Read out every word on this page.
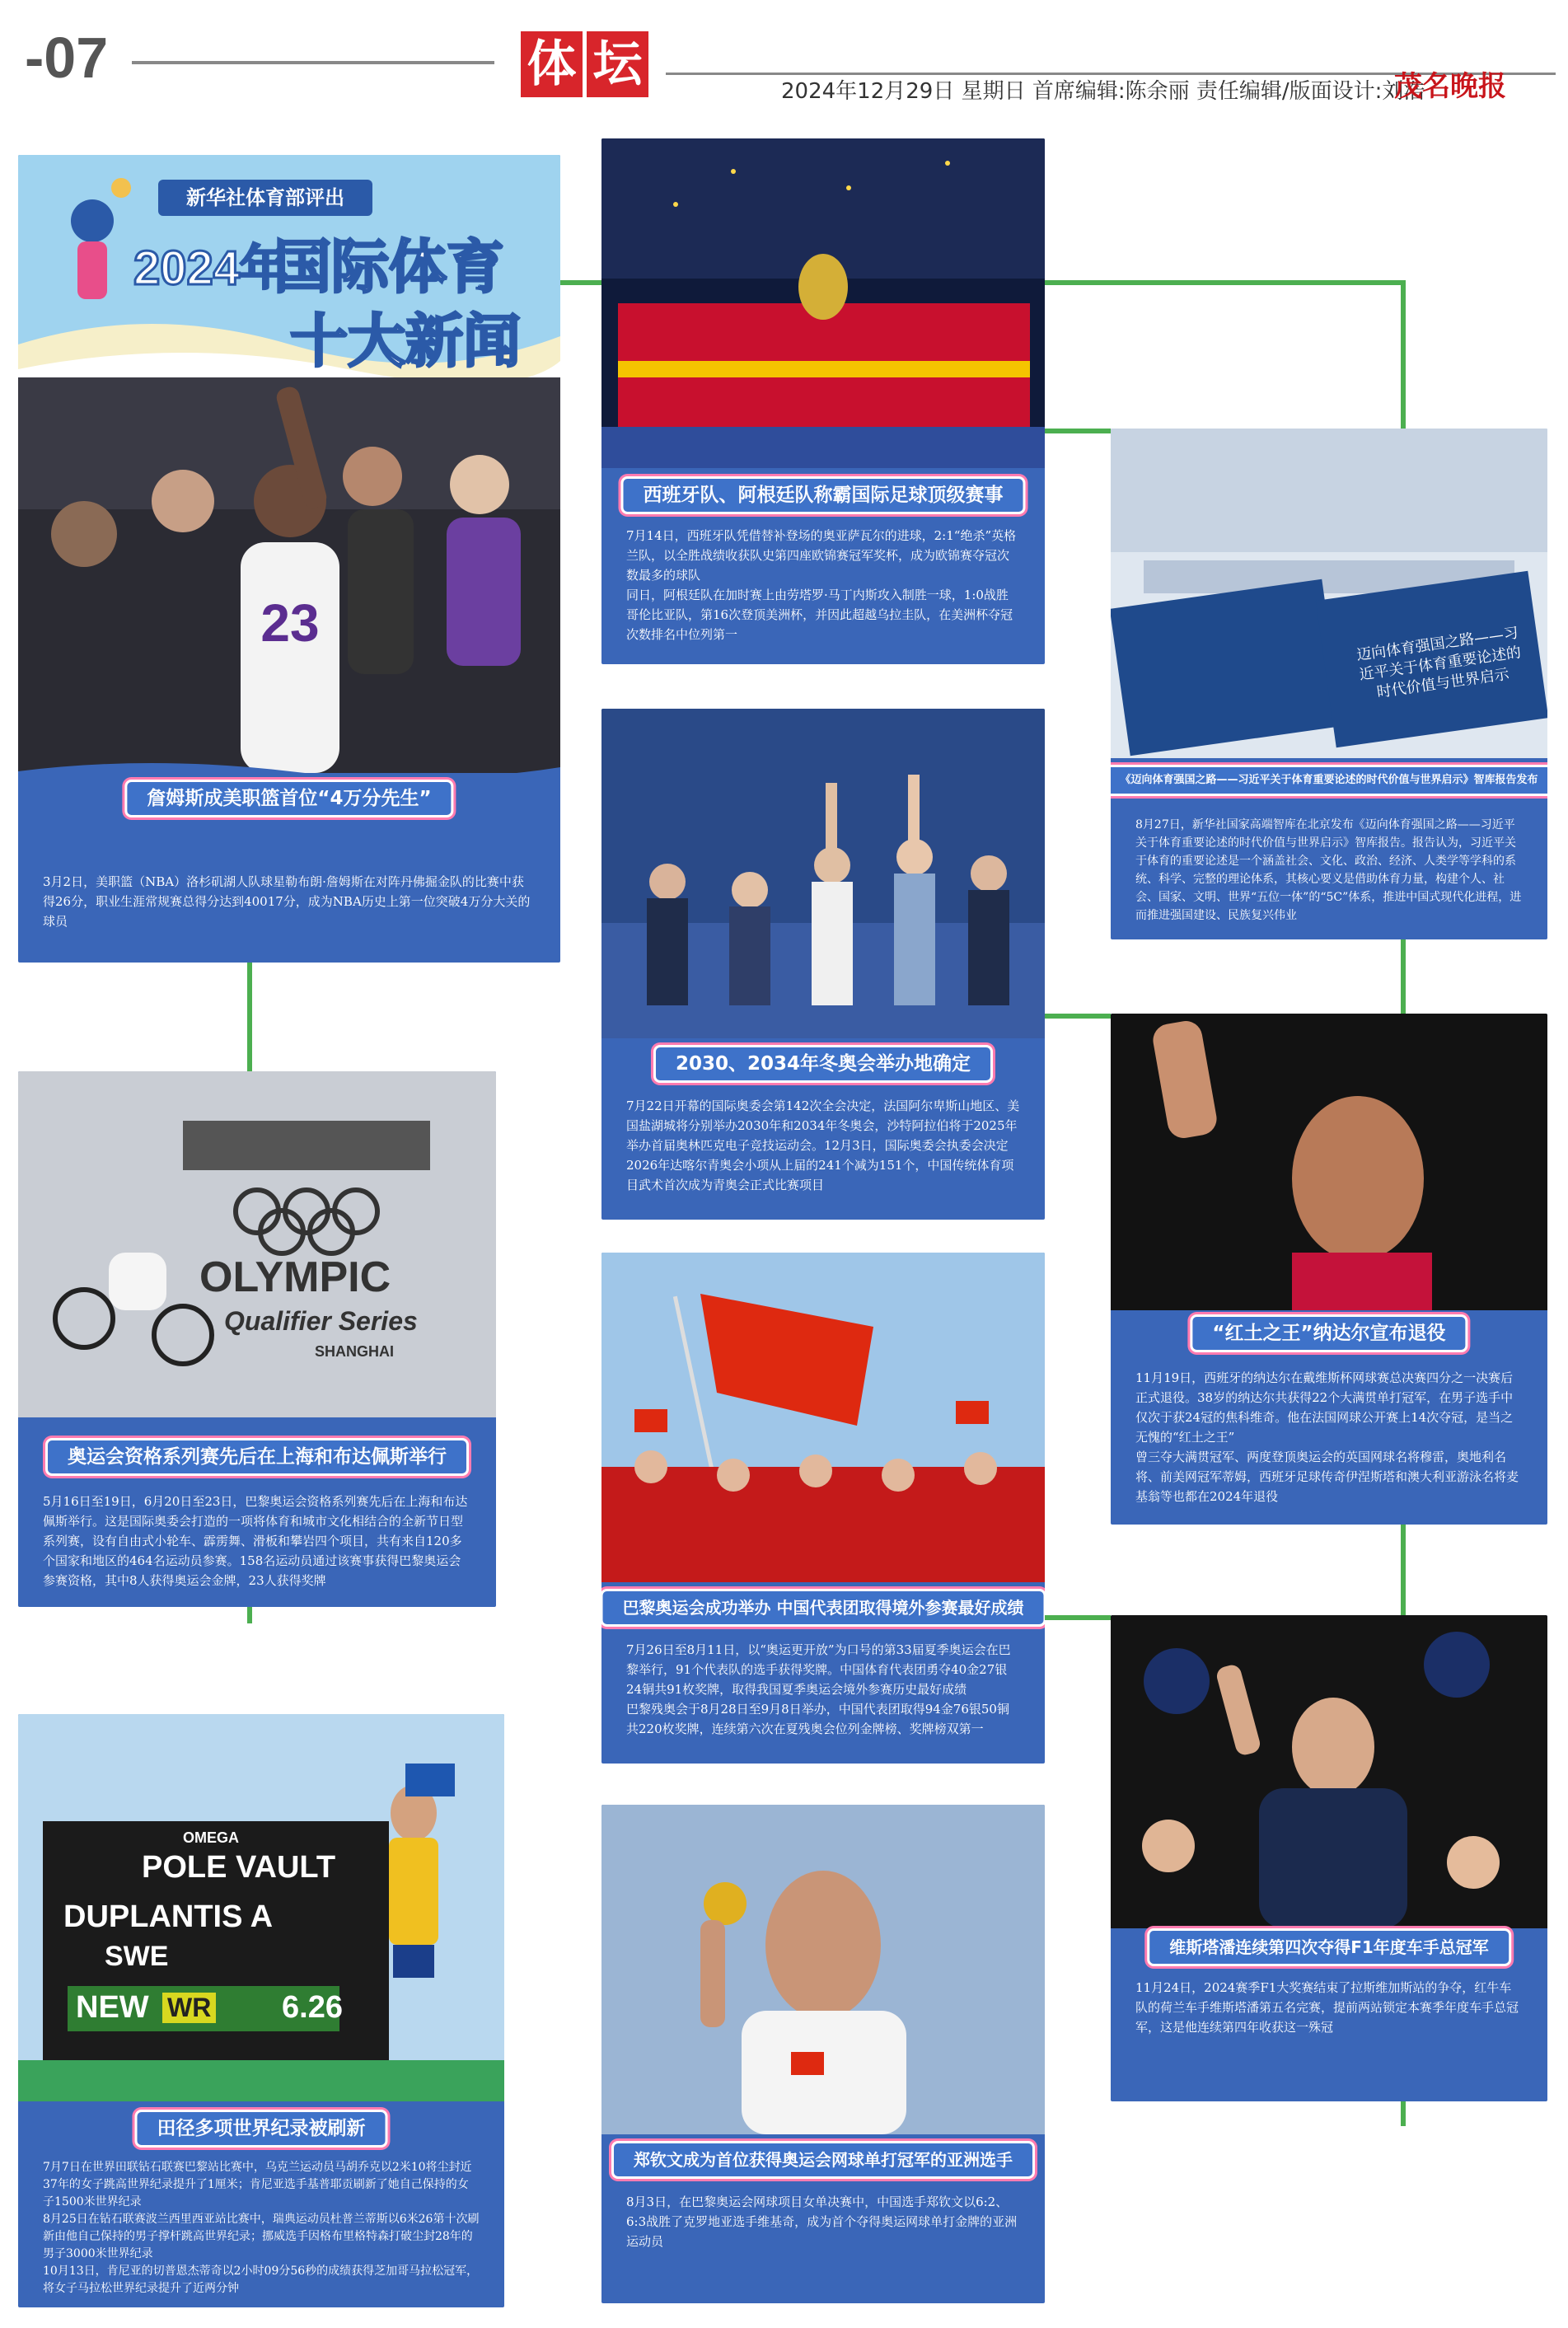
-07	体 坛	2024年12月29日 星期日 首席编辑:陈余丽 责任编辑/版面设计:刘浩
茂名晚报
新华社体育部评出
2024年
国际体育
十大新闻
23
詹姆斯成美职篮首位“4万分先生”

3月2日，美职篮（NBA）洛杉矶湖人队球星勒布朗·詹姆斯在对阵丹佛掘金队的比赛中获得26分，职业生涯常规赛总得分达到40017分，成为NBA历史上第一位突破4万分大关的球员

西班牙队、阿根廷队称霸国际足球顶级赛事

7月14日，西班牙队凭借替补登场的奥亚萨瓦尔的进球，2:1“绝杀”英格兰队，以全胜战绩收获队史第四座欧锦赛冠军奖杯，成为欧锦赛夺冠次数最多的球队

同日，阿根廷队在加时赛上由劳塔罗·马丁内斯攻入制胜一球，1:0战胜哥伦比亚队，第16次登顶美洲杯，并因此超越乌拉圭队，在美洲杯夺冠次数排名中位列第一	迈向体育强国之路——习近平关于体育重要论述的时代价值与世界启示
《迈向体育强国之路——习近平关于体育重要论述的时代价值与世界启示》智库报告发布

8月27日，新华社国家高端智库在北京发布《迈向体育强国之路——习近平关于体育重要论述的时代价值与世界启示》智库报告。报告认为，习近平关于体育的重要论述是一个涵盖社会、文化、政治、经济、人类学等学科的系统、科学、完整的理论体系，其核心要义是借助体育力量，构建个人、社会、国家、文明、世界“五位一体”的“5C”体系，推进中国式现代化进程，进而推进强国建设、民族复兴伟业

2030、2034年冬奥会举办地确定

7月22日开幕的国际奥委会第142次全会决定，法国阿尔卑斯山地区、美国盐湖城将分别举办2030年和2034年冬奥会，沙特阿拉伯将于2025年举办首届奥林匹克电子竞技运动会。12月3日，国际奥委会执委会决定2026年达喀尔青奥会小项从上届的241个减为151个，中国传统体育项目武术首次成为青奥会正式比赛项目

OLYMPIC
Qualifier Series
SHANGHAI
奥运会资格系列赛先后在上海和布达佩斯举行

5月16日至19日，6月20日至23日，巴黎奥运会资格系列赛先后在上海和布达佩斯举行。这是国际奥委会打造的一项将体育和城市文化相结合的全新节日型系列赛，设有自由式小轮车、霹雳舞、滑板和攀岩四个项目，共有来自120多个国家和地区的464名运动员参赛。158名运动员通过该赛事获得巴黎奥运会参赛资格，其中8人获得奥运会金牌，23人获得奖牌

“红土之王”纳达尔宣布退役

11月19日，西班牙的纳达尔在戴维斯杯网球赛总决赛四分之一决赛后正式退役。38岁的纳达尔共获得22个大满贯单打冠军，在男子选手中仅次于获24冠的焦科维奇。他在法国网球公开赛上14次夺冠，是当之无愧的“红土之王”

曾三夺大满贯冠军、两度登顶奥运会的英国网球名将穆雷，奥地利名将、前美网冠军蒂姆，西班牙足球传奇伊涅斯塔和澳大利亚游泳名将麦基翁等也都在2024年退役

巴黎奥运会成功举办 中国代表团取得境外参赛最好成绩

7月26日至8月11日，以“奥运更开放”为口号的第33届夏季奥运会在巴黎举行，91个代表队的选手获得奖牌。中国体育代表团勇夺40金27银24铜共91枚奖牌，取得我国夏季奥运会境外参赛历史最好成绩

巴黎残奥会于8月28日至9月8日举办，中国代表团取得94金76银50铜共220枚奖牌，连续第六次在夏残奥会位列金牌榜、奖牌榜双第一

维斯塔潘连续第四次夺得F1年度车手总冠军

11月24日，2024赛季F1大奖赛结束了拉斯维加斯站的争夺，红牛车队的荷兰车手维斯塔潘第五名完赛，提前两站锁定本赛季年度车手总冠军，这是他连续第四年收获这一殊冠

OMEGA
POLE VAULT
DUPLANTIS A
SWE
NEW WR 6.26
田径多项世界纪录被刷新

7月7日在世界田联钻石联赛巴黎站比赛中，乌克兰运动员马胡乔克以2米10将尘封近37年的女子跳高世界纪录提升了1厘米；肯尼亚选手基普耶贡刷新了她自己保持的女子1500米世界纪录

8月25日在钻石联赛波兰西里西亚站比赛中，瑞典运动员杜普兰蒂斯以6米26第十次刷新由他自己保持的男子撑杆跳高世界纪录；挪威选手因格布里格特森打破尘封28年的男子3000米世界纪录

10月13日，肯尼亚的切普恩杰蒂奇以2小时09分56秒的成绩获得芝加哥马拉松冠军，将女子马拉松世界纪录提升了近两分钟

郑钦文成为首位获得奥运会网球单打冠军的亚洲选手

8月3日，在巴黎奥运会网球项目女单决赛中，中国选手郑钦文以6:2、6:3战胜了克罗地亚选手维基奇，成为首个夺得奥运网球单打金牌的亚洲运动员
